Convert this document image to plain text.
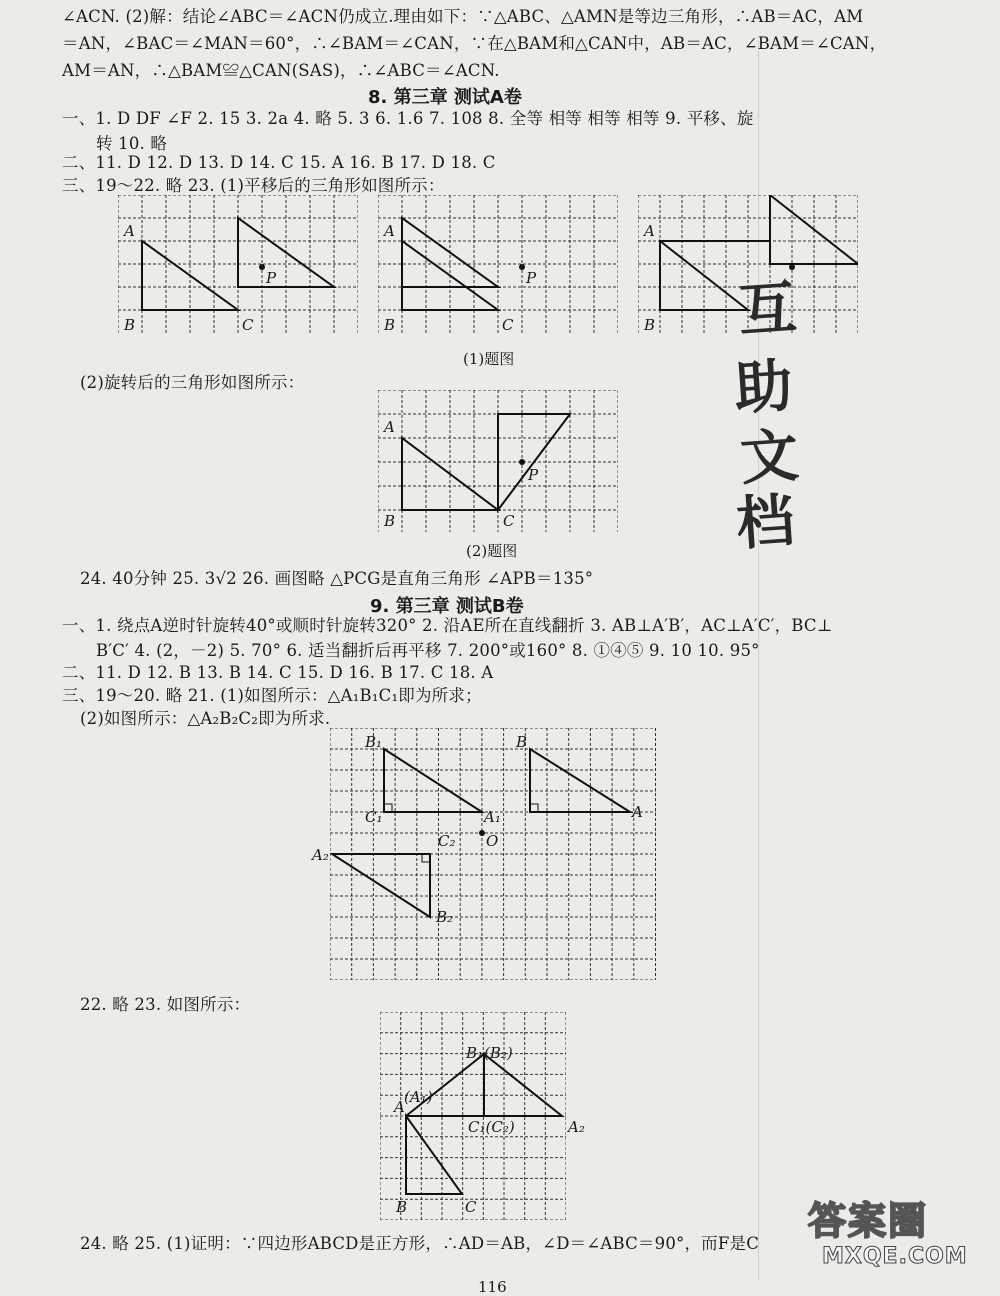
∠ACN. (2)解：结论∠ABC＝∠ACN仍成立.理由如下：∵△ABC、△AMN是等边三角形，∴AB＝AC，AM
＝AN，∠BAC＝∠MAN＝60°，∴∠BAM＝∠CAN，∵在△BAM和△CAN中，AB＝AC，∠BAM＝∠CAN，
AM＝AN，∴△BAM≌△CAN(SAS)，∴∠ABC＝∠ACN.
8. 第三章 测试A卷
一、1. D DF ∠F 2. 15 3. 2a 4. 略 5. 3 6. 1.6 7. 108 8. 全等 相等 相等 相等 9. 平移、旋
转 10. 略
二、11. D 12. D 13. D 14. C 15. A 16. B 17. D 18. C
三、19～22. 略 23. (1)平移后的三角形如图所示：
A
B	C
P
A
B	C
P
A
B
(1)题图
(2)旋转后的三角形如图所示：
A
B	C
P
(2)题图
互
助
文
档
24. 40分钟 25. 3√2 26. 画图略 △PCG是直角三角形 ∠APB＝135°
9. 第三章 测试B卷
一、1. 绕点A逆时针旋转40°或顺时针旋转320° 2. 沿AE所在直线翻折 3. AB⊥A′B′，AC⊥A′C′，BC⊥
B′C′ 4. (2，－2) 5. 70° 6. 适当翻折后再平移 7. 200°或160° 8. ①④⑤ 9. 10 10. 95°
二、11. D 12. B 13. B 14. C 15. D 16. B 17. C 18. A
三、19～20. 略 21. (1)如图所示：△A₁B₁C₁即为所求；
(2)如图所示：△A₂B₂C₂即为所求.
B₁
C₁	A₁
C₂ O
A₂
B₂
B
A
22. 略 23. 如图所示：
A
(A₁)
B₁ (B₂)
C₁(C₂)	A₂
B	C
24. 略 25. (1)证明：∵四边形ABCD是正方形，∴AD＝AB，∠D＝∠ABC＝90°，而F是C
116
答案圈
MXQE.COM
